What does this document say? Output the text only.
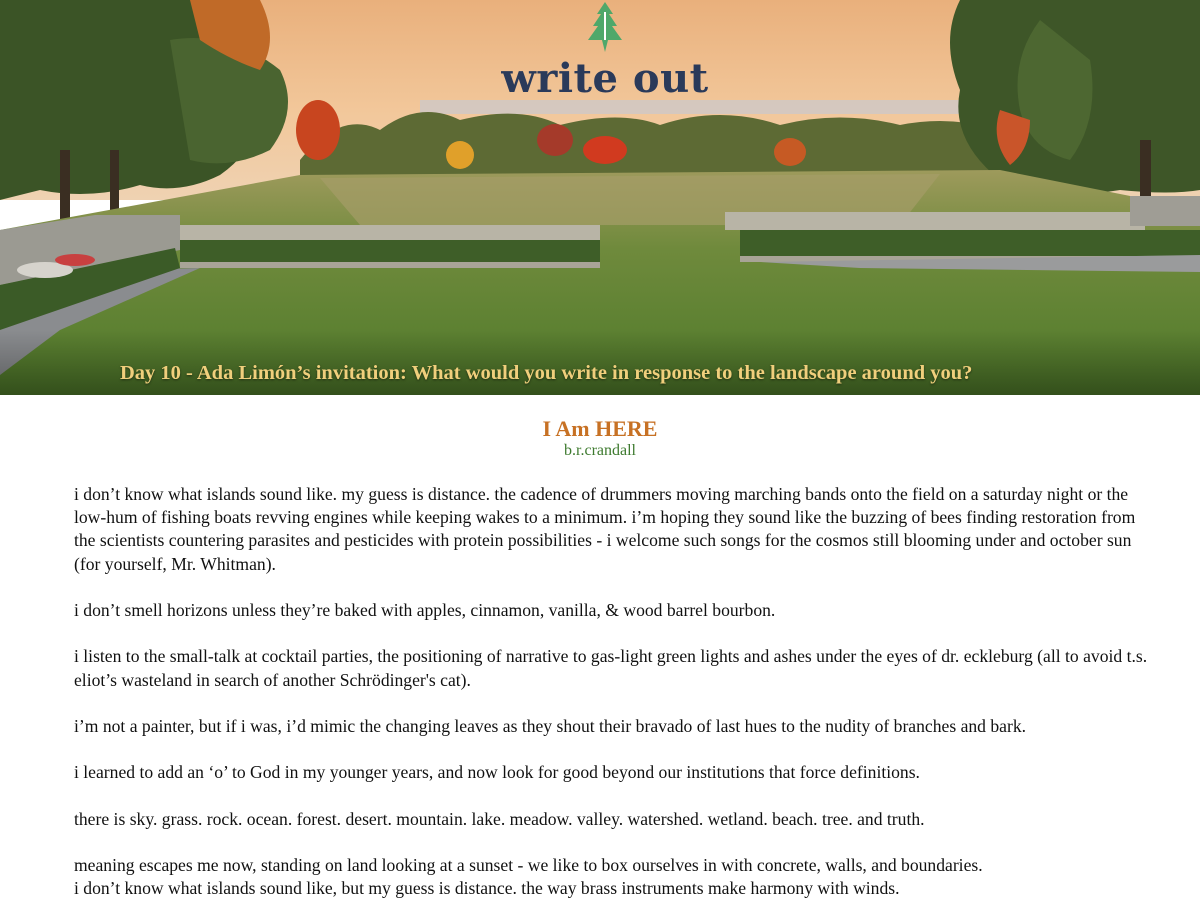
write out
Day 10 - Ada Limón’s invitation: What would you write in response to the landscape around you?
I Am HERE
b.r.crandall

i don’t know what islands sound like. my guess is distance. the cadence of drummers moving marching bands onto the field on a saturday night or the low-hum of fishing boats revving engines while keeping wakes to a minimum. i’m hoping they sound like the buzzing of bees finding restoration from the scientists countering parasites and pesticides with protein possibilities - i welcome such songs for the cosmos still blooming under and october sun (for yourself, Mr. Whitman).

i don’t smell horizons unless they’re baked with apples, cinnamon, vanilla, & wood barrel bourbon.

i listen to the small-talk at cocktail parties, the positioning of narrative to gas-light green lights and ashes under the eyes of dr. eckleburg (all to avoid t.s. eliot’s wasteland in search of another Schrödinger's cat).

i’m not a painter, but if i was, i’d mimic the changing leaves as they shout their bravado of last hues to the nudity of branches and bark.

i learned to add an ‘o’ to God in my younger years, and now look for good beyond our institutions that force definitions.

there is sky. grass. rock. ocean. forest. desert. mountain. lake. meadow. valley. watershed. wetland. beach. tree. and truth.

meaning escapes me now, standing on land looking at a sunset - we like to box ourselves in with concrete, walls, and boundaries.
i don’t know what islands sound like, but my guess is distance. the way brass instruments make harmony with winds.
